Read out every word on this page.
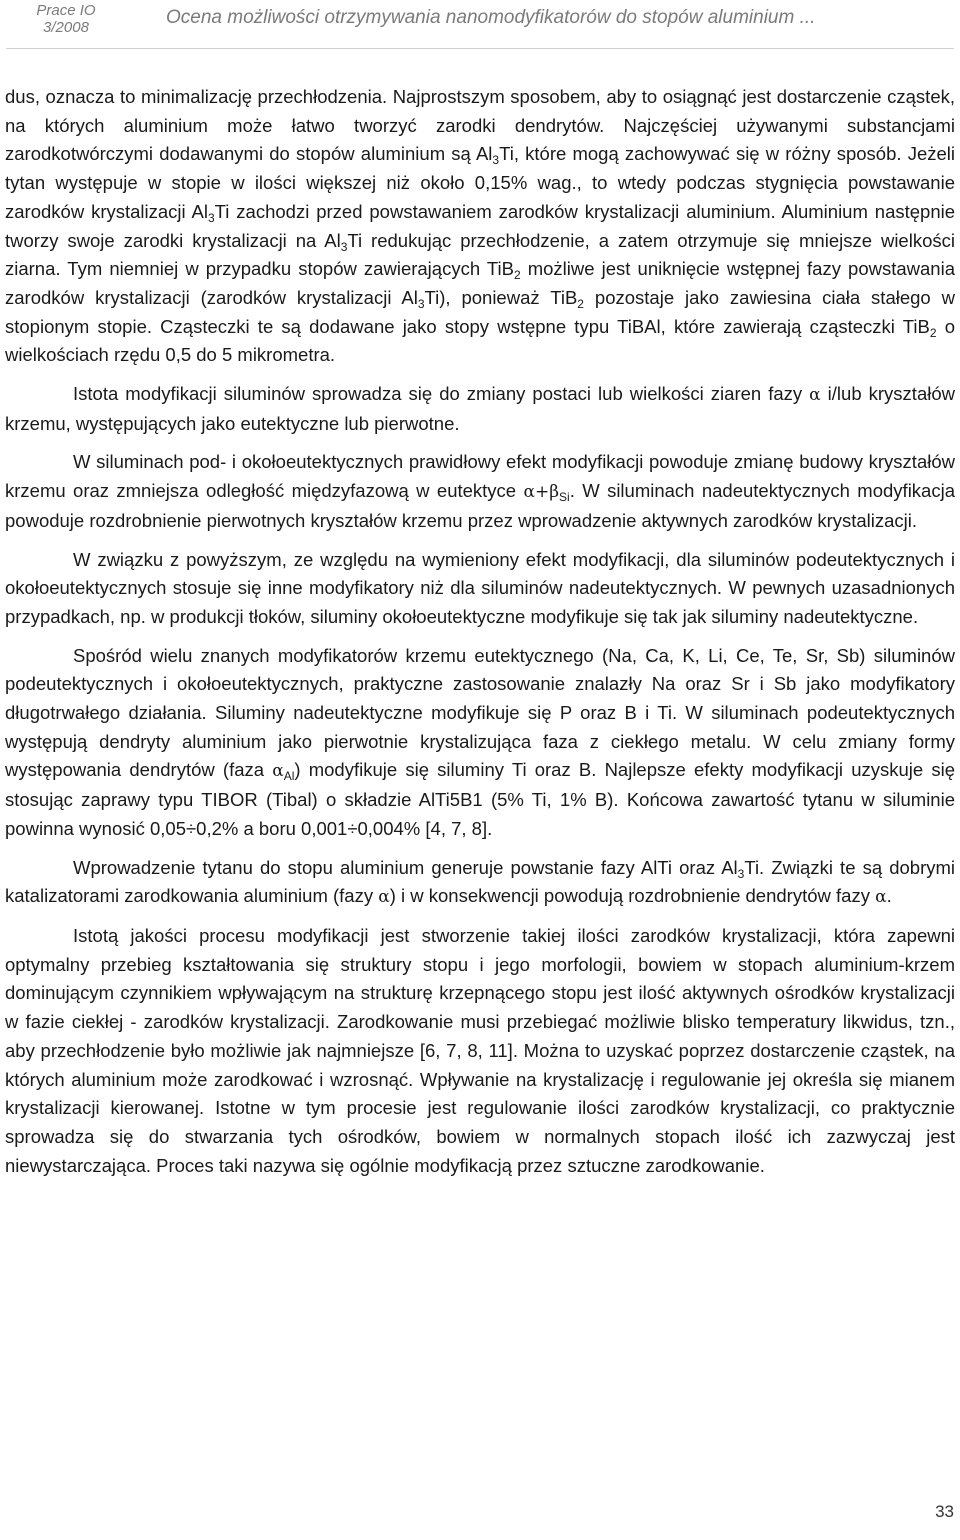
Prace IO
3/2008	Ocena możliwości otrzymywania nanomodyfikatorów do stopów aluminium ...

dus, oznacza to minimalizację przechłodzenia. Najprostszym sposobem, aby to osiągnąć jest dostarczenie cząstek, na których aluminium może łatwo tworzyć zarodki dendrytów. Najczęściej używanymi substancjami zarodkotwórczymi dodawanymi do stopów aluminium są $Al_3Ti$, które mogą zachowywać się w różny sposób. Jeżeli tytan występuje w stopie w ilości większej niż około 0,15% wag., to wtedy podczas stygnięcia powstawanie zarodków krystalizacji $Al_3Ti$ zachodzi przed powstawaniem zarodków krystalizacji aluminium. Aluminium następnie tworzy swoje zarodki krystalizacji na $Al_3Ti$ redukując przechłodzenie, a zatem otrzymuje się mniejsze wielkości ziarna. Tym niemniej w przypadku stopów zawierających TiB$_2$ możliwe jest uniknięcie wstępnej fazy powstawania zarodków krystalizacji (zarodków krystalizacji $Al_3Ti$), ponieważ TiB$_2$ pozostaje jako zawiesina ciała stałego w stopionym stopie. Cząsteczki te są dodawane jako stopy wstępne typu TiBAl, które zawierają cząsteczki TiB$_2$ o wielkościach rzędu 0,5 do 5 mikrometra.

Istota modyfikacji siluminów sprowadza się do zmiany postaci lub wielkości ziaren fazy α i/lub kryształów krzemu, występujących jako eutektyczne lub pierwotne.

W siluminach pod- i okołoeutektycznych prawidłowy efekt modyfikacji powoduje zmianę budowy kryształów krzemu oraz zmniejsza odległość międzyfazową w eutektyce $\alpha+\beta_{Si}$. W siluminach nadeutektycznych modyfikacja powoduje rozdrobnienie pierwotnych kryształów krzemu przez wprowadzenie aktywnych zarodków krystalizacji.

W związku z powyższym, ze względu na wymieniony efekt modyfikacji, dla siluminów podeutektycznych i okołoeutektycznych stosuje się inne modyfikatory niż dla siluminów nadeutektycznych. W pewnych uzasadnionych przypadkach, np. w produkcji tłoków, siluminy okołoeutektyczne modyfikuje się tak jak siluminy nadeutektyczne.

Spośród wielu znanych modyfikatorów krzemu eutektycznego (Na, Ca, K, Li, Ce, Te, Sr, Sb) siluminów podeutektycznych i okołoeutektycznych, praktyczne zastosowanie znalazły Na oraz Sr i Sb jako modyfikatory długotrwałego działania. Siluminy nadeutektyczne modyfikuje się P oraz B i Ti. W siluminach podeutektycznych występują dendryty aluminium jako pierwotnie krystalizująca faza z ciekłego metalu. W celu zmiany formy występowania dendrytów (faza $\alpha_{Al}$) modyfikuje się siluminy Ti oraz B. Najlepsze efekty modyfikacji uzyskuje się stosując zaprawy typu TIBOR (Tibal) o składzie AlTi5B1 (5% Ti, 1% B). Końcowa zawartość tytanu w siluminie powinna wynosić 0,05÷0,2% a boru 0,001÷0,004% [4, 7, 8].

Wprowadzenie tytanu do stopu aluminium generuje powstanie fazy AlTi oraz $Al_3Ti$. Związki te są dobrymi katalizatorami zarodkowania aluminium (fazy α) i w konsekwencji powodują rozdrobnienie dendrytów fazy α.

Istotą jakości procesu modyfikacji jest stworzenie takiej ilości zarodków krystalizacji, która zapewni optymalny przebieg kształtowania się struktury stopu i jego morfologii, bowiem w stopach aluminium-krzem dominującym czynnikiem wpływającym na strukturę krzepnącego stopu jest ilość aktywnych ośrodków krystalizacji w fazie ciekłej - zarodków krystalizacji. Zarodkowanie musi przebiegać możliwie blisko temperatury likwidus, tzn., aby przechłodzenie było możliwie jak najmniejsze [6, 7, 8, 11]. Można to uzyskać poprzez dostarczenie cząstek, na których aluminium może zarodkować i wzrosnąć. Wpływanie na krystalizację i regulowanie jej określa się mianem krystalizacji kierowanej. Istotne w tym procesie jest regulowanie ilości zarodków krystalizacji, co praktycznie sprowadza się do stwarzania tych ośrodków, bowiem w normalnych stopach ilość ich zazwyczaj jest niewystarczająca. Proces taki nazywa się ogólnie modyfikacją przez sztuczne zarodkowanie.

33
